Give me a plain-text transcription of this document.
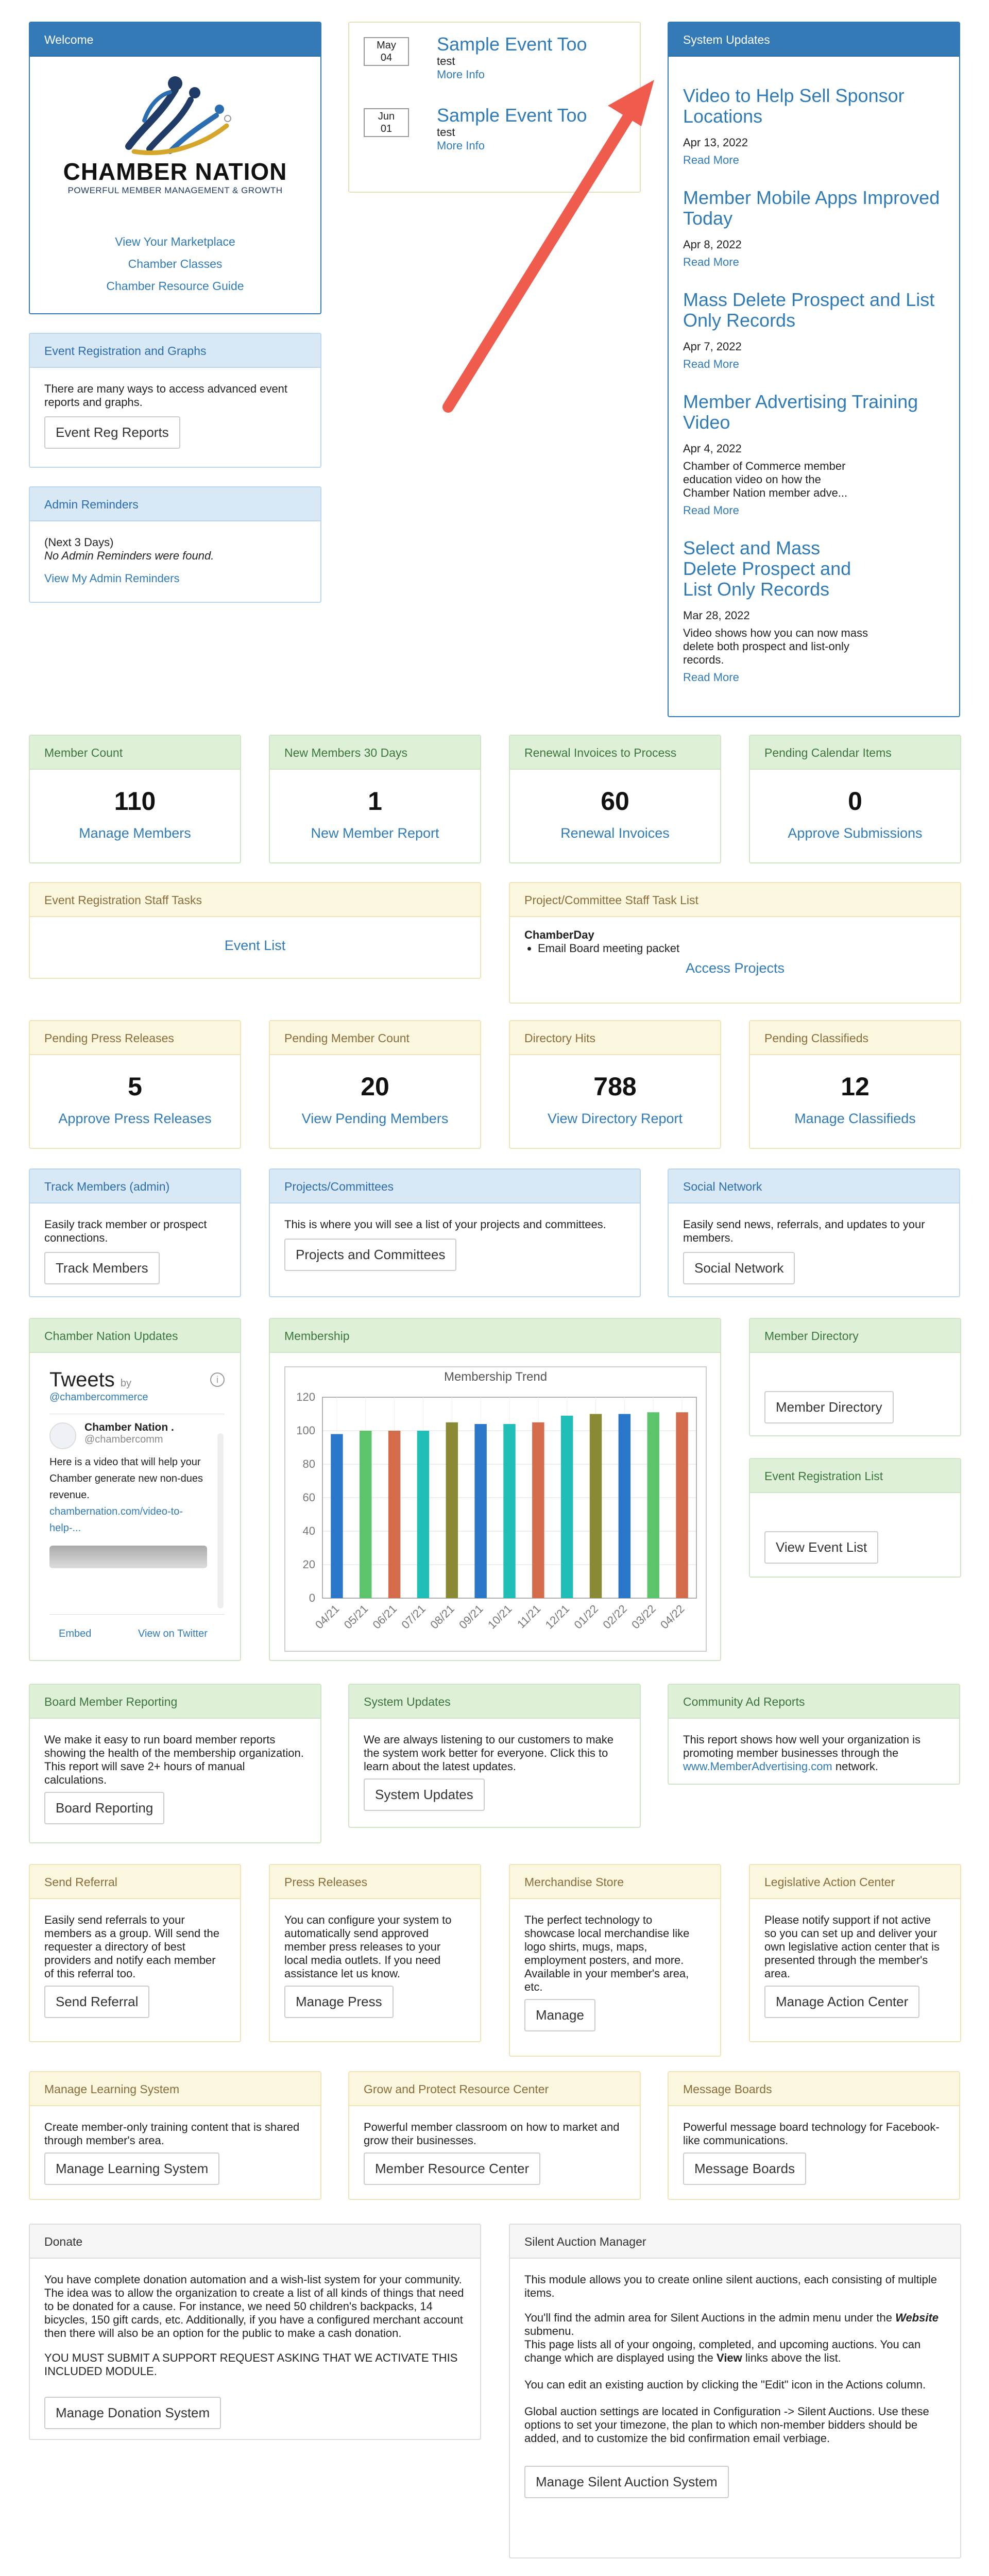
Welcome
CHAMBER NATION
POWERFUL MEMBER MANAGEMENT & GROWTH
View Your Marketplace
Chamber Classes
Chamber Resource Guide
May
04
Sample Event Too
test
More Info
Jun
01
Sample Event Too
test
More Info
System Updates
Video to Help Sell Sponsor Locations

Apr 13, 2022

Read More
Member Mobile Apps Improved Today

Apr 8, 2022

Read More
Mass Delete Prospect and List Only Records

Apr 7, 2022

Read More
Member Advertising Training Video

Apr 4, 2022

Chamber of Commerce member education video on how the Chamber Nation member adve...

Read More
Select and Mass Delete Prospect and List Only Records

Mar 28, 2022

Video shows how you can now mass delete both prospect and list-only records.

Read More
Event Registration and Graphs

There are many ways to access advanced event reports and graphs.

Event Reg Reports
Admin Reminders

(Next 3 Days)

No Admin Reminders were found.

View My Admin Reminders
Member Count
110
Manage Members
New Members 30 Days
1
New Member Report
Renewal Invoices to Process
60
Renewal Invoices
Pending Calendar Items
0
Approve Submissions
Event Registration Staff Tasks
Event List
Project/Committee Staff Task List
ChamberDay
• Email Board meeting packet
Access Projects
Pending Press Releases
5
Approve Press Releases
Pending Member Count
20
View Pending Members
Directory Hits
788
View Directory Report
Pending Classifieds
12
Manage Classifieds
Track Members (admin)

Easily track member or prospect connections.

Track Members
Projects/Committees

This is where you will see a list of your projects and committees.

Projects and Committees
Social Network

Easily send news, referrals, and updates to your members.

Social Network
Chamber Nation Updates
Tweets by	i
@chambercommerce
Chamber Nation .
@chambercomm
Here is a video that will help your Chamber generate new non-dues revenue.
chambernation.com/video-to-help-...
Embed	View on Twitter
Membership
Membership Trend
0
20
40
60
80
100
120
04/21 05/21 06/21 07/21 08/21 09/21 10/21 11/21 12/21 01/22 02/22 03/22 04/22
Member Directory
Member Directory
Event Registration List
View Event List
Board Member Reporting

We make it easy to run board member reports showing the health of the membership organization. This report will save 2+ hours of manual calculations.

Board Reporting
System Updates

We are always listening to our customers to make the system work better for everyone. Click this to learn about the latest updates.

System Updates
Community Ad Reports

This report shows how well your organization is promoting member businesses through the www.MemberAdvertising.com network.

Send Referral

Easily send referrals to your members as a group. Will send the requester a directory of best providers and notify each member of this referral too.

Send Referral
Press Releases

You can configure your system to automatically send approved member press releases to your local media outlets. If you need assistance let us know.

Manage Press
Merchandise Store

The perfect technology to showcase local merchandise like logo shirts, mugs, maps, employment posters, and more. Available in your member's area, etc.

Manage
Legislative Action Center

Please notify support if not active so you can set up and deliver your own legislative action center that is presented through the member's area.

Manage Action Center
Manage Learning System

Create member-only training content that is shared through member's area.

Manage Learning System
Grow and Protect Resource Center

Powerful member classroom on how to market and grow their businesses.

Member Resource Center
Message Boards

Powerful message board technology for Facebook-like communications.

Message Boards
Donate

You have complete donation automation and a wish-list system for your community. The idea was to allow the organization to create a list of all kinds of things that need to be donated for a cause. For instance, we need 50 children's backpacks, 14 bicycles, 150 gift cards, etc. Additionally, if you have a configured merchant account then there will also be an option for the public to make a cash donation.

YOU MUST SUBMIT A SUPPORT REQUEST ASKING THAT WE ACTIVATE THIS INCLUDED MODULE.

Manage Donation System
Silent Auction Manager

This module allows you to create online silent auctions, each consisting of multiple items.

You'll find the admin area for Silent Auctions in the admin menu under the Website submenu.

This page lists all of your ongoing, completed, and upcoming auctions. You can change which are displayed using the View links above the list.

You can edit an existing auction by clicking the "Edit" icon in the Actions column.

Global auction settings are located in Configuration -> Silent Auctions. Use these options to set your timezone, the plan to which non-member bidders should be added, and to customize the bid confirmation email verbiage.

Manage Silent Auction System
